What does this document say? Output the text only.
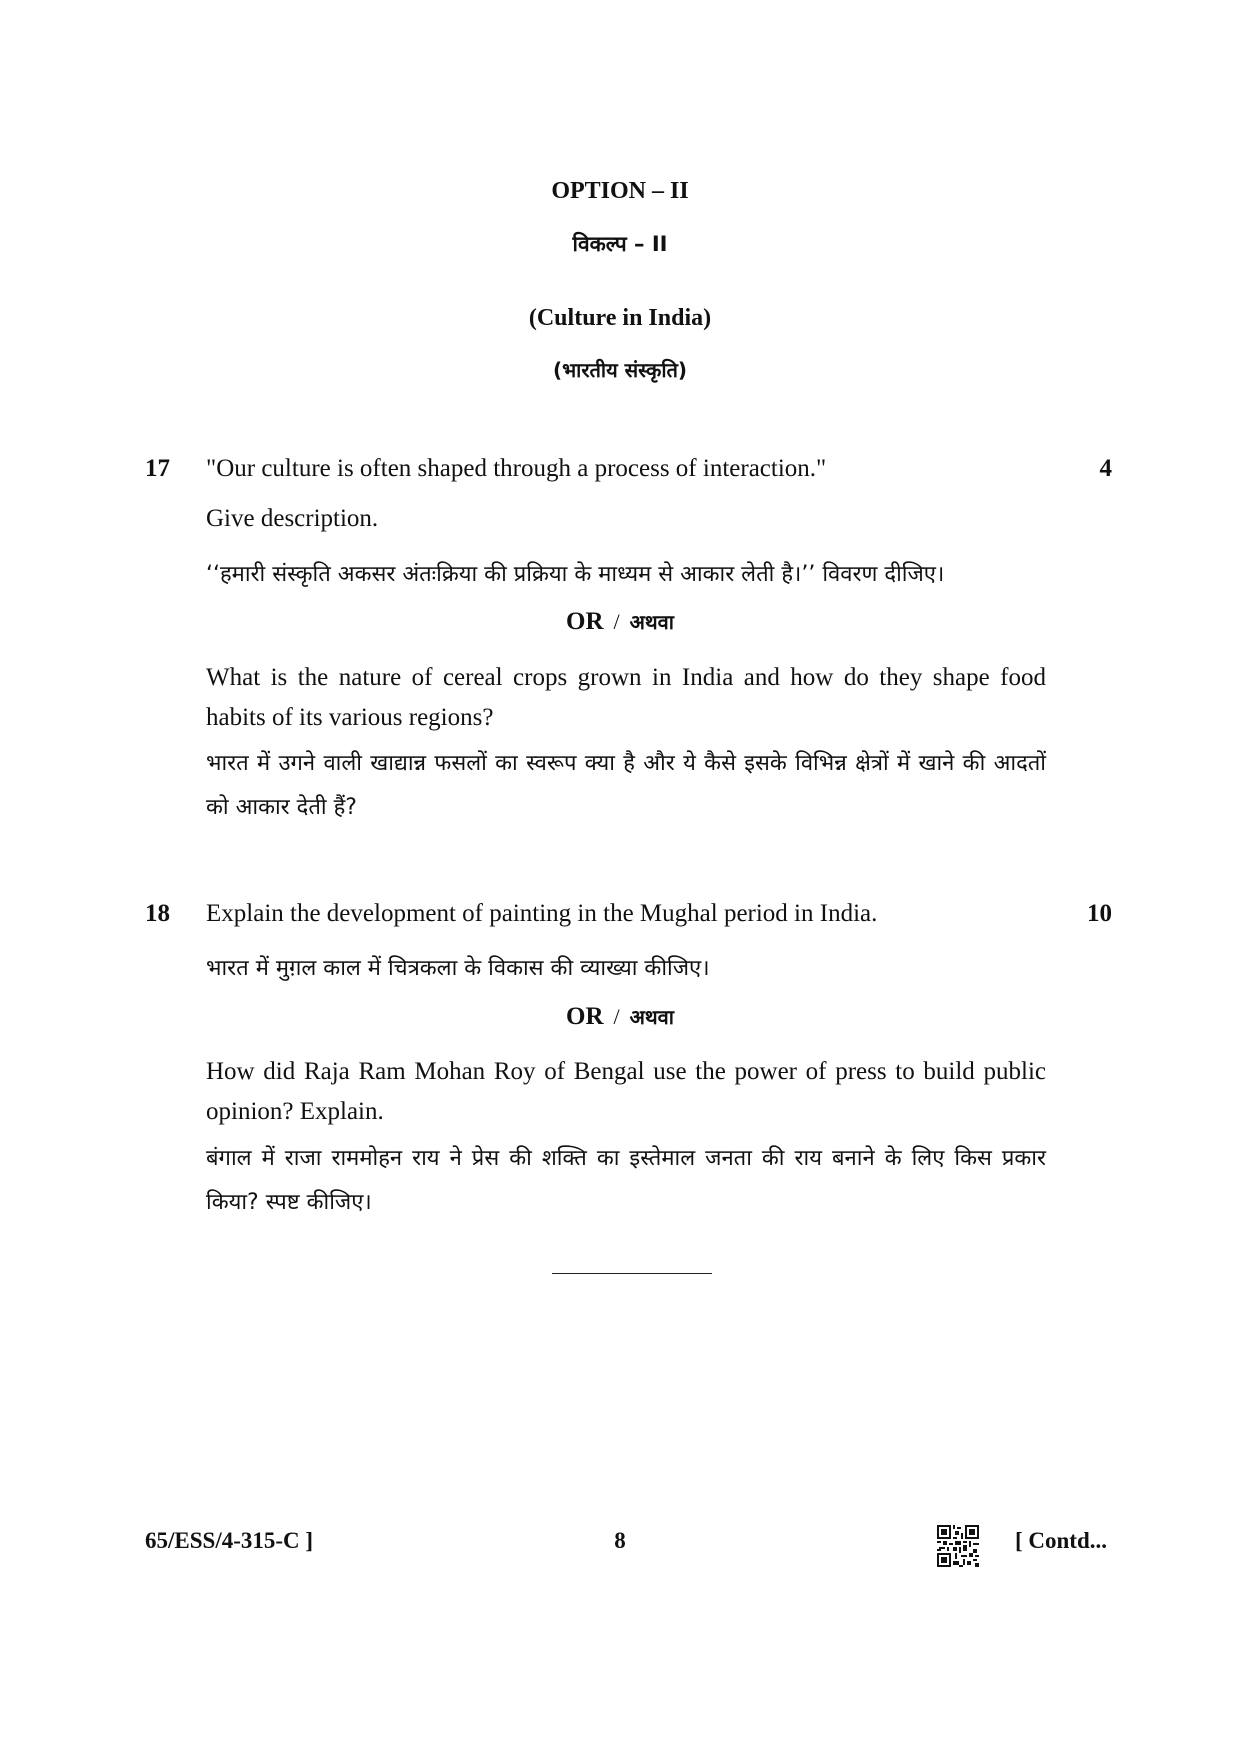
OPTION – II

विकल्प – II

(Culture in India)

(भारतीय संस्कृति)

17	4

"Our culture is often shaped through a process of interaction."

Give description.

‘‘हमारी संस्कृति अकसर अंतःक्रिया की प्रक्रिया के माध्यम से आकार लेती है।’’ विवरण दीजिए।

OR / अथवा

What is the nature of cereal crops grown in India and how do they shape food habits of its various regions?

भारत में उगने वाली खाद्यान्न फसलों का स्वरूप क्या है और ये कैसे इसके विभिन्न क्षेत्रों में खाने की आदतों को आकार देती हैं?

18	10

Explain the development of painting in the Mughal period in India.

भारत में मुग़ल काल में चित्रकला के विकास की व्याख्या कीजिए।

OR / अथवा

How did Raja Ram Mohan Roy of Bengal use the power of press to build public opinion? Explain.

बंगाल में राजा राममोहन राय ने प्रेस की शक्ति का इस्तेमाल जनता की राय बनाने के लिए किस प्रकार किया? स्पष्ट कीजिए।

65/ESS/4-315-C ]	8	[ Contd...
